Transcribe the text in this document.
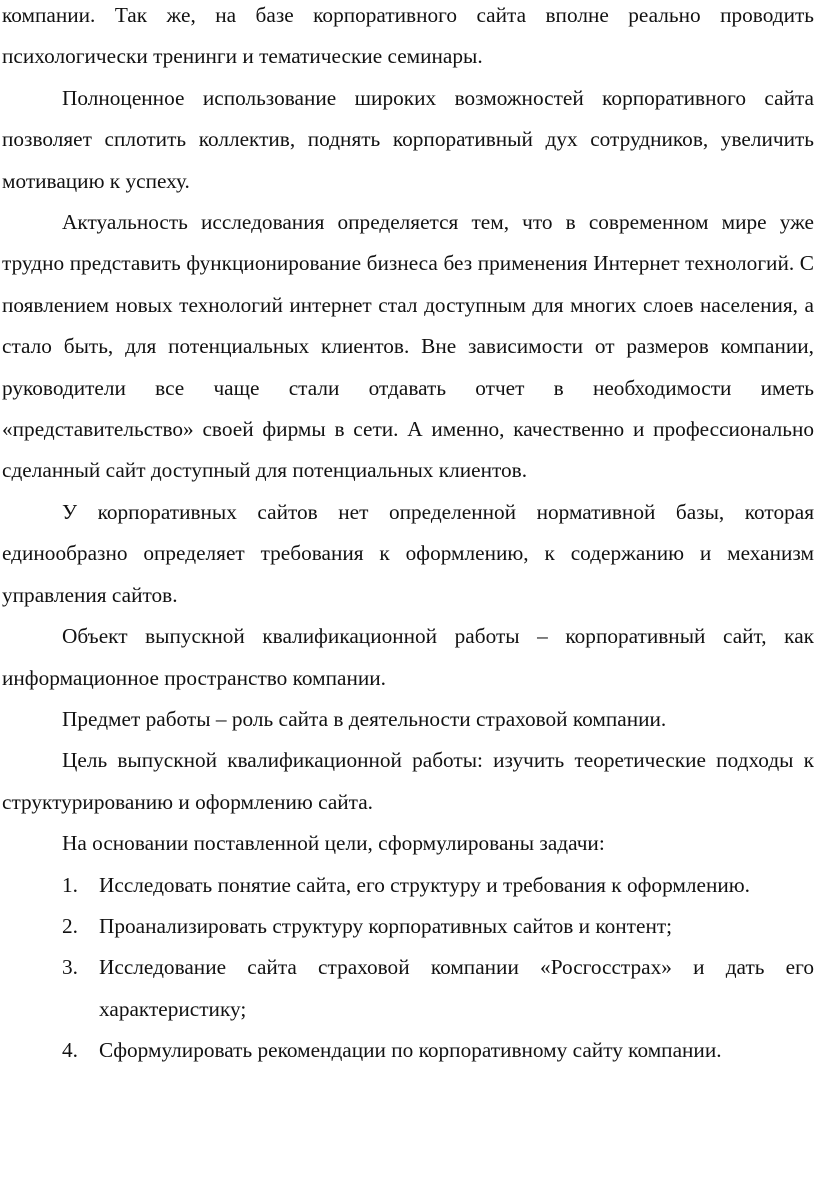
компании. Так же, на базе корпоративного сайта вполне реально проводить психологически тренинги и тематические семинары.

Полноценное использование широких возможностей корпоративного сайта позволяет сплотить коллектив, поднять корпоративный дух сотрудников, увеличить мотивацию к успеху.

Актуальность исследования определяется тем, что в современном мире уже трудно представить функционирование бизнеса без применения Интернет технологий. С появлением новых технологий интернет стал доступным для многих слоев населения, а стало быть, для потенциальных клиентов. Вне зависимости от размеров компании, руководители все чаще стали отдавать отчет в необходимости иметь «представительство» своей фирмы в сети. А именно, качественно и профессионально сделанный сайт доступный для потенциальных клиентов.

У корпоративных сайтов нет определенной нормативной базы, которая единообразно определяет требования к оформлению, к содержанию и механизм управления сайтов.

Объект выпускной квалификационной работы – корпоративный сайт, как информационное пространство компании.

Предмет работы – роль сайта в деятельности страховой компании.

Цель выпускной квалификационной работы: изучить теоретические подходы к структурированию и оформлению сайта.

На основании поставленной цели, сформулированы задачи:

1. Исследовать понятие сайта, его структуру и требования к оформлению.
2. Проанализировать структуру корпоративных сайтов и контент;
3. Исследование сайта страховой компании «Росгосстрах» и дать его характеристику;
4. Сформулировать рекомендации по корпоративному сайту компании.
